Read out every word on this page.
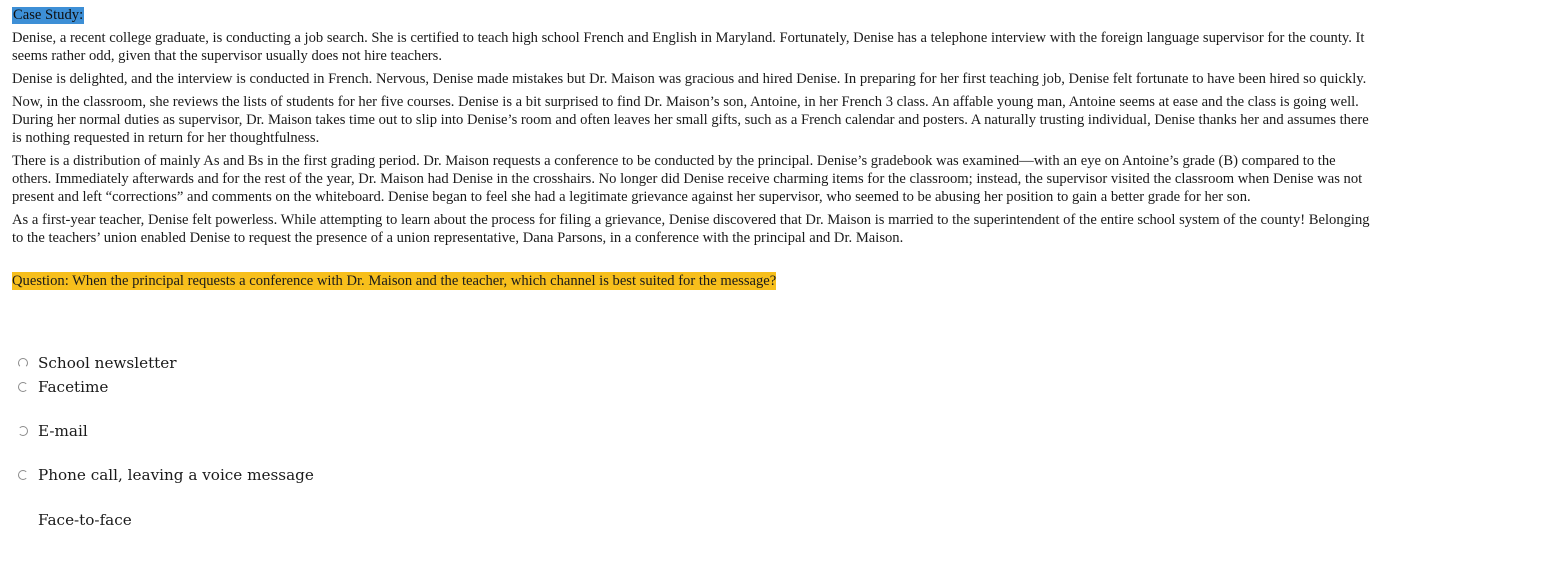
Case Study:

Denise, a recent college graduate, is conducting a job search. She is certified to teach high school French and English in Maryland. Fortunately, Denise has a telephone interview with the foreign language supervisor for the county. It seems rather odd, given that the supervisor usually does not hire teachers.

Denise is delighted, and the interview is conducted in French. Nervous, Denise made mistakes but Dr. Maison was gracious and hired Denise. In preparing for her first teaching job, Denise felt fortunate to have been hired so quickly.

Now, in the classroom, she reviews the lists of students for her five courses. Denise is a bit surprised to find Dr. Maison’s son, Antoine, in her French 3 class. An affable young man, Antoine seems at ease and the class is going well. During her normal duties as supervisor, Dr. Maison takes time out to slip into Denise’s room and often leaves her small gifts, such as a French calendar and posters. A naturally trusting individual, Denise thanks her and assumes there is nothing requested in return for her thoughtfulness.

There is a distribution of mainly As and Bs in the first grading period. Dr. Maison requests a conference to be conducted by the principal. Denise’s gradebook was examined—with an eye on Antoine’s grade (B) compared to the others. Immediately afterwards and for the rest of the year, Dr. Maison had Denise in the crosshairs. No longer did Denise receive charming items for the classroom; instead, the supervisor visited the classroom when Denise was not present and left “corrections” and comments on the whiteboard. Denise began to feel she had a legitimate grievance against her supervisor, who seemed to be abusing her position to gain a better grade for her son.

As a first-year teacher, Denise felt powerless. While attempting to learn about the process for filing a grievance, Denise discovered that Dr. Maison is married to the superintendent of the entire school system of the county! Belonging to the teachers’ union enabled Denise to request the presence of a union representative, Dana Parsons, in a conference with the principal and Dr. Maison.

Question: When the principal requests a conference with Dr. Maison and the teacher, which channel is best suited for the message?
School newsletter
Facetime
E-mail
Phone call, leaving a voice message
Face-to-face
